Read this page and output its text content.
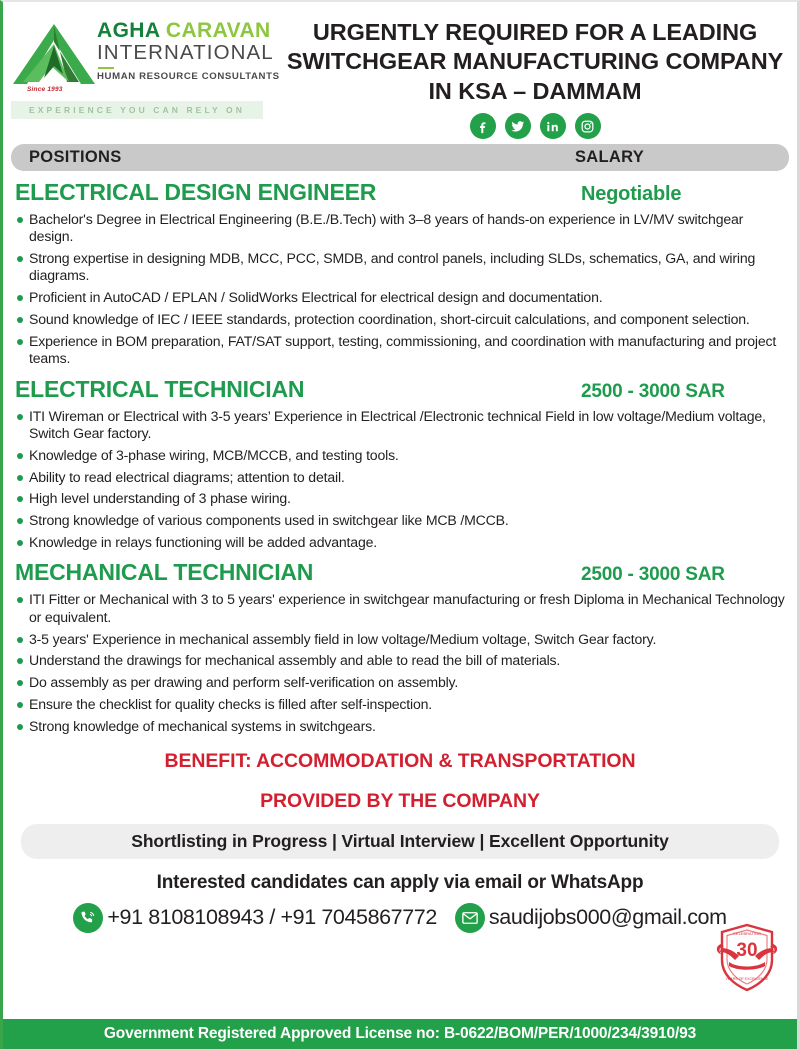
Since 1993
AGHA CARAVAN
INTERNATIONAL
HUMAN RESOURCE CONSULTANTS
EXPERIENCE YOU CAN RELY ON
URGENTLY REQUIRED FOR A LEADING
SWITCHGEAR MANUFACTURING COMPANY
IN KSA – DAMMAM
POSITIONS	SALARY
ELECTRICAL DESIGN ENGINEER	Negotiable
Bachelor's Degree in Electrical Engineering (B.E./B.Tech) with 3–8 years of hands-on experience in LV/MV switchgear design.
Strong expertise in designing MDB, MCC, PCC, SMDB, and control panels, including SLDs, schematics, GA, and wiring diagrams.
Proficient in AutoCAD / EPLAN / SolidWorks Electrical for electrical design and documentation.
Sound knowledge of IEC / IEEE standards, protection coordination, short-circuit calculations, and component selection.
Experience in BOM preparation, FAT/SAT support, testing, commissioning, and coordination with manufacturing and project teams.
ELECTRICAL TECHNICIAN	2500 - 3000 SAR
ITI Wireman or Electrical with 3-5 years’ Experience in Electrical /Electronic technical Field in low voltage/Medium voltage, Switch Gear factory.
Knowledge of 3-phase wiring, MCB/MCCB, and testing tools.
Ability to read electrical diagrams; attention to detail.
High level understanding of 3 phase wiring.
Strong knowledge of various components used in switchgear like MCB /MCCB.
Knowledge in relays functioning will be added advantage.
MECHANICAL TECHNICIAN	2500 - 3000 SAR
ITI Fitter or Mechanical with 3 to 5 years' experience in switchgear manufacturing or fresh Diploma in Mechanical Technology or equivalent.
3-5 years' Experience in mechanical assembly field in low voltage/Medium voltage, Switch Gear factory.
Understand the drawings for mechanical assembly and able to read the bill of materials.
Do assembly as per drawing and perform self-verification on assembly.
Ensure the checklist for quality checks is filled after self-inspection.
Strong knowledge of mechanical systems in switchgears.
BENEFIT: ACCOMMODATION & TRANSPORTATION
PROVIDED BY THE COMPANY
Shortlisting in Progress | Virtual Interview | Excellent Opportunity
Interested candidates can apply via email or WhatsApp
+91 8108108943 / +91 7045867772 saudijobs000@gmail.com
30
CELEBRATING
YEARS OF EXCELLENCE
Government Registered Approved License no: B-0622/BOM/PER/1000/234/3910/93
